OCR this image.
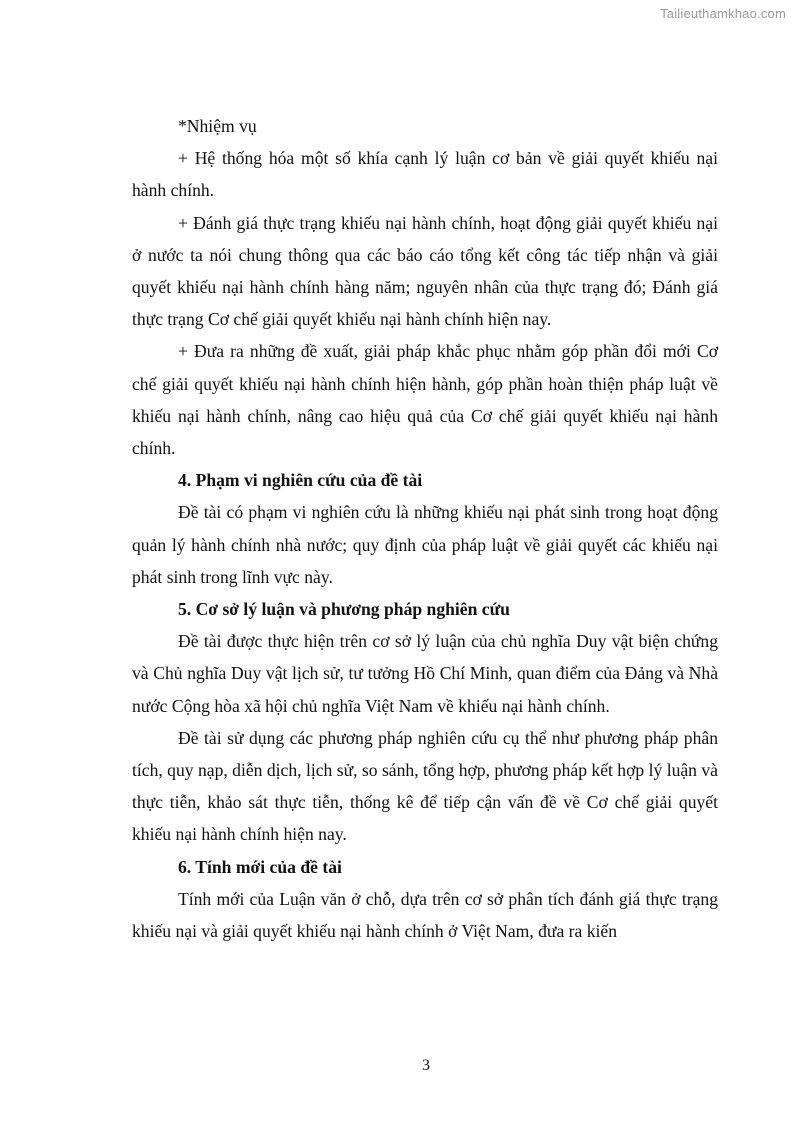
Tailieuthamkhao.com

*Nhiệm vụ

+ Hệ thống hóa một số khía cạnh lý luận cơ bản về giải quyết khiếu nại hành chính.

+ Đánh giá thực trạng khiếu nại hành chính, hoạt động giải quyết khiếu nại ở nước ta nói chung thông qua các báo cáo tổng kết công tác tiếp nhận và giải quyết khiếu nại hành chính hàng năm; nguyên nhân của thực trạng đó; Đánh giá thực trạng Cơ chế giải quyết khiếu nại hành chính hiện nay.

+ Đưa ra những đề xuất, giải pháp khắc phục nhằm góp phần đổi mới Cơ chế giải quyết khiếu nại hành chính hiện hành, góp phần hoàn thiện pháp luật về khiếu nại hành chính, nâng cao hiệu quả của Cơ chế giải quyết khiếu nại hành chính.

4. Phạm vi nghiên cứu của đề tài

Đề tài có phạm vi nghiên cứu là những khiếu nại phát sinh trong hoạt động quản lý hành chính nhà nước; quy định của pháp luật về giải quyết các khiếu nại phát sinh trong lĩnh vực này.

5. Cơ sở lý luận và phương pháp nghiên cứu

Đề tài được thực hiện trên cơ sở lý luận của chủ nghĩa Duy vật biện chứng và Chủ nghĩa Duy vật lịch sử, tư tưởng Hồ Chí Minh, quan điểm của Đảng và Nhà nước Cộng hòa xã hội chủ nghĩa Việt Nam về khiếu nại hành chính.

Đề tài sử dụng các phương pháp nghiên cứu cụ thể như phương pháp phân tích, quy nạp, diễn dịch, lịch sử, so sánh, tổng hợp, phương pháp kết hợp lý luận và thực tiễn, khảo sát thực tiễn, thống kê để tiếp cận vấn đề về Cơ chế giải quyết khiếu nại hành chính hiện nay.

6. Tính mới của đề tài

Tính mới của Luận văn ở chỗ, dựa trên cơ sở phân tích đánh giá thực trạng khiếu nại và giải quyết khiếu nại hành chính ở Việt Nam, đưa ra kiến

3
